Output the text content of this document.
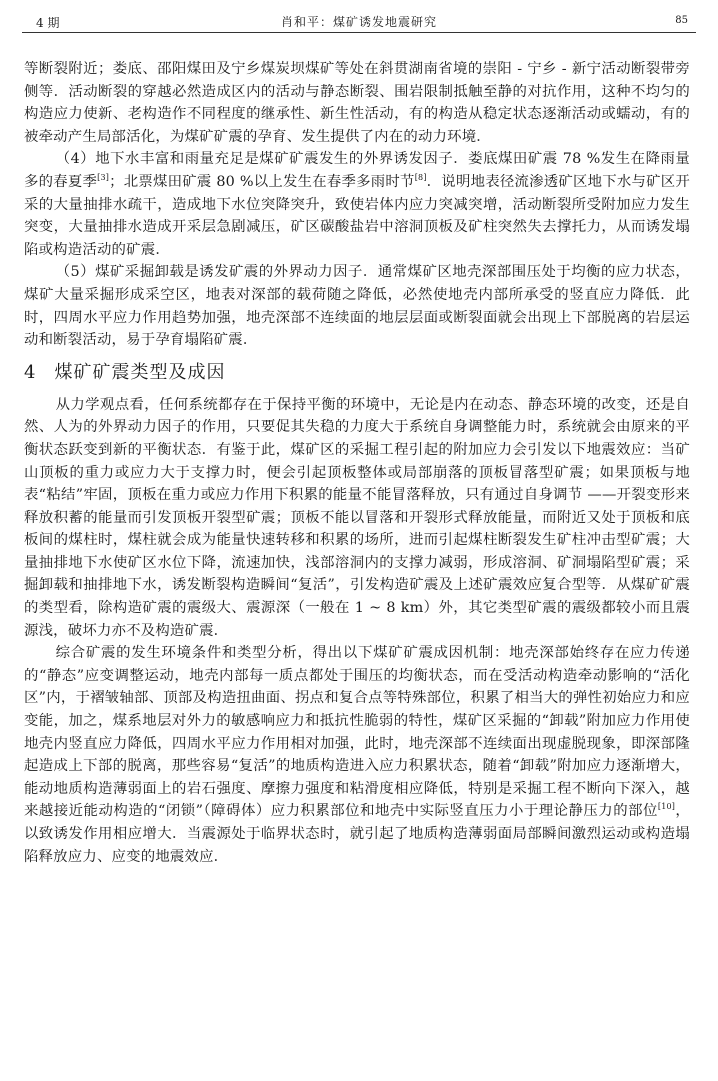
4 期	肖和平：煤矿诱发地震研究	85

等断裂附近；娄底、邵阳煤田及宁乡煤炭坝煤矿等处在斜贯湖南省境的崇阳 - 宁乡 - 新宁活动断裂带旁侧等．活动断裂的穿越必然造成区内的活动与静态断裂、围岩限制抵触至静的对抗作用，这种不均匀的构造应力使新、老构造作不同程度的继承性、新生性活动，有的构造从稳定状态逐渐活动或蠕动，有的被牵动产生局部活化，为煤矿矿震的孕育、发生提供了内在的动力环境．

（4）地下水丰富和雨量充足是煤矿矿震发生的外界诱发因子．娄底煤田矿震 78 %发生在降雨量多的春夏季[3]；北票煤田矿震 80 %以上发生在春季多雨时节[8]．说明地表径流渗透矿区地下水与矿区开采的大量抽排水疏干，造成地下水位突降突升，致使岩体内应力突减突增，活动断裂所受附加应力发生突变，大量抽排水造成开采层急剧减压，矿区碳酸盐岩中溶洞顶板及矿柱突然失去撑托力，从而诱发塌陷或构造活动的矿震．

（5）煤矿采掘卸载是诱发矿震的外界动力因子．通常煤矿区地壳深部围压处于均衡的应力状态，煤矿大量采掘形成采空区，地表对深部的载荷随之降低，必然使地壳内部所承受的竖直应力降低．此时，四周水平应力作用趋势加强，地壳深部不连续面的地层层面或断裂面就会出现上下部脱离的岩层运动和断裂活动，易于孕育塌陷矿震．

4 煤矿矿震类型及成因

从力学观点看，任何系统都存在于保持平衡的环境中，无论是内在动态、静态环境的改变，还是自然、人为的外界动力因子的作用，只要促其失稳的力度大于系统自身调整能力时，系统就会由原来的平衡状态跃变到新的平衡状态．有鉴于此，煤矿区的采掘工程引起的附加应力会引发以下地震效应：当矿山顶板的重力或应力大于支撑力时，便会引起顶板整体或局部崩落的顶板冒落型矿震；如果顶板与地表“粘结”牢固，顶板在重力或应力作用下积累的能量不能冒落释放，只有通过自身调节 ——开裂变形来释放积蓄的能量而引发顶板开裂型矿震；顶板不能以冒落和开裂形式释放能量，而附近又处于顶板和底板间的煤柱时，煤柱就会成为能量快速转移和积累的场所，进而引起煤柱断裂发生矿柱冲击型矿震；大量抽排地下水使矿区水位下降，流速加快，浅部溶洞内的支撑力减弱，形成溶洞、矿洞塌陷型矿震；采掘卸载和抽排地下水，诱发断裂构造瞬间“复活”，引发构造矿震及上述矿震效应复合型等．从煤矿矿震的类型看，除构造矿震的震级大、震源深（一般在 1 ~ 8 km）外，其它类型矿震的震级都较小而且震源浅，破坏力亦不及构造矿震．

综合矿震的发生环境条件和类型分析，得出以下煤矿矿震成因机制：地壳深部始终存在应力传递的“静态”应变调整运动，地壳内部每一质点都处于围压的均衡状态，而在受活动构造牵动影响的“活化区”内，于褶皱轴部、顶部及构造扭曲面、拐点和复合点等特殊部位，积累了相当大的弹性初始应力和应变能，加之，煤系地层对外力的敏感响应力和抵抗性脆弱的特性，煤矿区采掘的“卸载”附加应力作用使地壳内竖直应力降低，四周水平应力作用相对加强，此时，地壳深部不连续面出现虚脱现象，即深部隆起造成上下部的脱离，那些容易“复活”的地质构造进入应力积累状态，随着“卸载”附加应力逐渐增大，能动地质构造薄弱面上的岩石强度、摩擦力强度和粘滑度相应降低，特别是采掘工程不断向下深入，越来越接近能动构造的“闭锁”（障碍体）应力积累部位和地壳中实际竖直压力小于理论静压力的部位[10]，以致诱发作用相应增大．当震源处于临界状态时，就引起了地质构造薄弱面局部瞬间激烈运动或构造塌陷释放应力、应变的地震效应．
